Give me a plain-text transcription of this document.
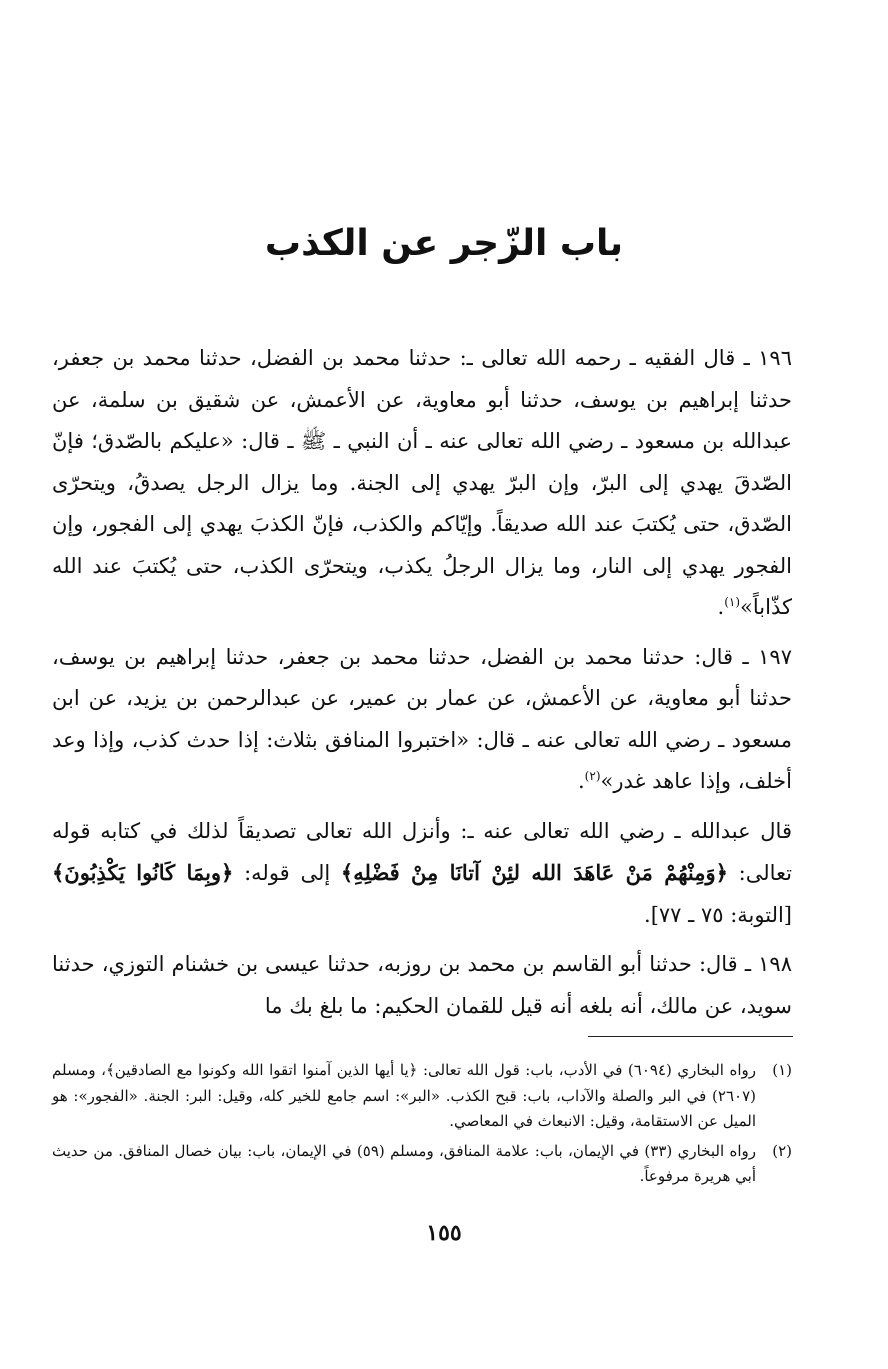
باب الزّجر عن الكذب

١٩٦ ـ قال الفقيه ـ رحمه الله تعالى ـ: حدثنا محمد بن الفضل، حدثنا محمد بن جعفر، حدثنا إبراهيم بن يوسف، حدثنا أبو معاوية، عن الأعمش، عن شقيق بن سلمة، عن عبدالله بن مسعود ـ رضي الله تعالى عنه ـ أن النبي ـ ﷺ ـ قال: «عليكم بالصّدق؛ فإنّ الصّدقَ يهدي إلى البرّ، وإن البرّ يهدي إلى الجنة. وما يزال الرجل يصدقُ، ويتحرّى الصّدق، حتى يُكتبَ عند الله صديقاً. وإيّاكم والكذب، فإنّ الكذبَ يهدي إلى الفجور، وإن الفجور يهدي إلى النار، وما يزال الرجلُ يكذب، ويتحرّى الكذب، حتى يُكتبَ عند الله كذّاباً»$^{(١)}$.

١٩٧ ـ قال: حدثنا محمد بن الفضل، حدثنا محمد بن جعفر، حدثنا إبراهيم بن يوسف، حدثنا أبو معاوية، عن الأعمش، عن عمار بن عمير، عن عبدالرحمن بن يزيد، عن ابن مسعود ـ رضي الله تعالى عنه ـ قال: «اختبروا المنافق بثلاث: إذا حدث كذب، وإذا وعد أخلف، وإذا عاهد غدر»$^{(٢)}$.

قال عبدالله ـ رضي الله تعالى عنه ـ: وأنزل الله تعالى تصديقاً لذلك في كتابه قوله تعالى: ﴿وَمِنْهُمْ مَنْ عَاهَدَ الله لئِنْ آتانَا مِنْ فَضْلِهِ﴾ إلى قوله: ﴿وبِمَا كَانُوا يَكْذِبُونَ﴾ [التوبة: ٧٥ ـ ٧٧].

١٩٨ ـ قال: حدثنا أبو القاسم بن محمد بن روزبه، حدثنا عيسى بن خشنام التوزي، حدثنا سويد، عن مالك، أنه بلغه أنه قيل للقمان الحكيم: ما بلغ بك ما

(١)
رواه البخاري (٦٠٩٤) في الأدب، باب: قول الله تعالى: ﴿يا أيها الذين آمنوا اتقوا الله وكونوا مع الصادقين﴾، ومسلم (٢٦٠٧) في البر والصلة والآداب، باب: قبح الكذب. «البر»: اسم جامع للخير كله، وقيل: البر: الجنة. «الفجور»: هو الميل عن الاستقامة، وقيل: الانبعاث في المعاصي.
(٢)
رواه البخاري (٣٣) في الإيمان، باب: علامة المنافق، ومسلم (٥٩) في الإيمان، باب: بيان خصال المنافق. من حديث أبي هريرة مرفوعاً.
١٥٥
